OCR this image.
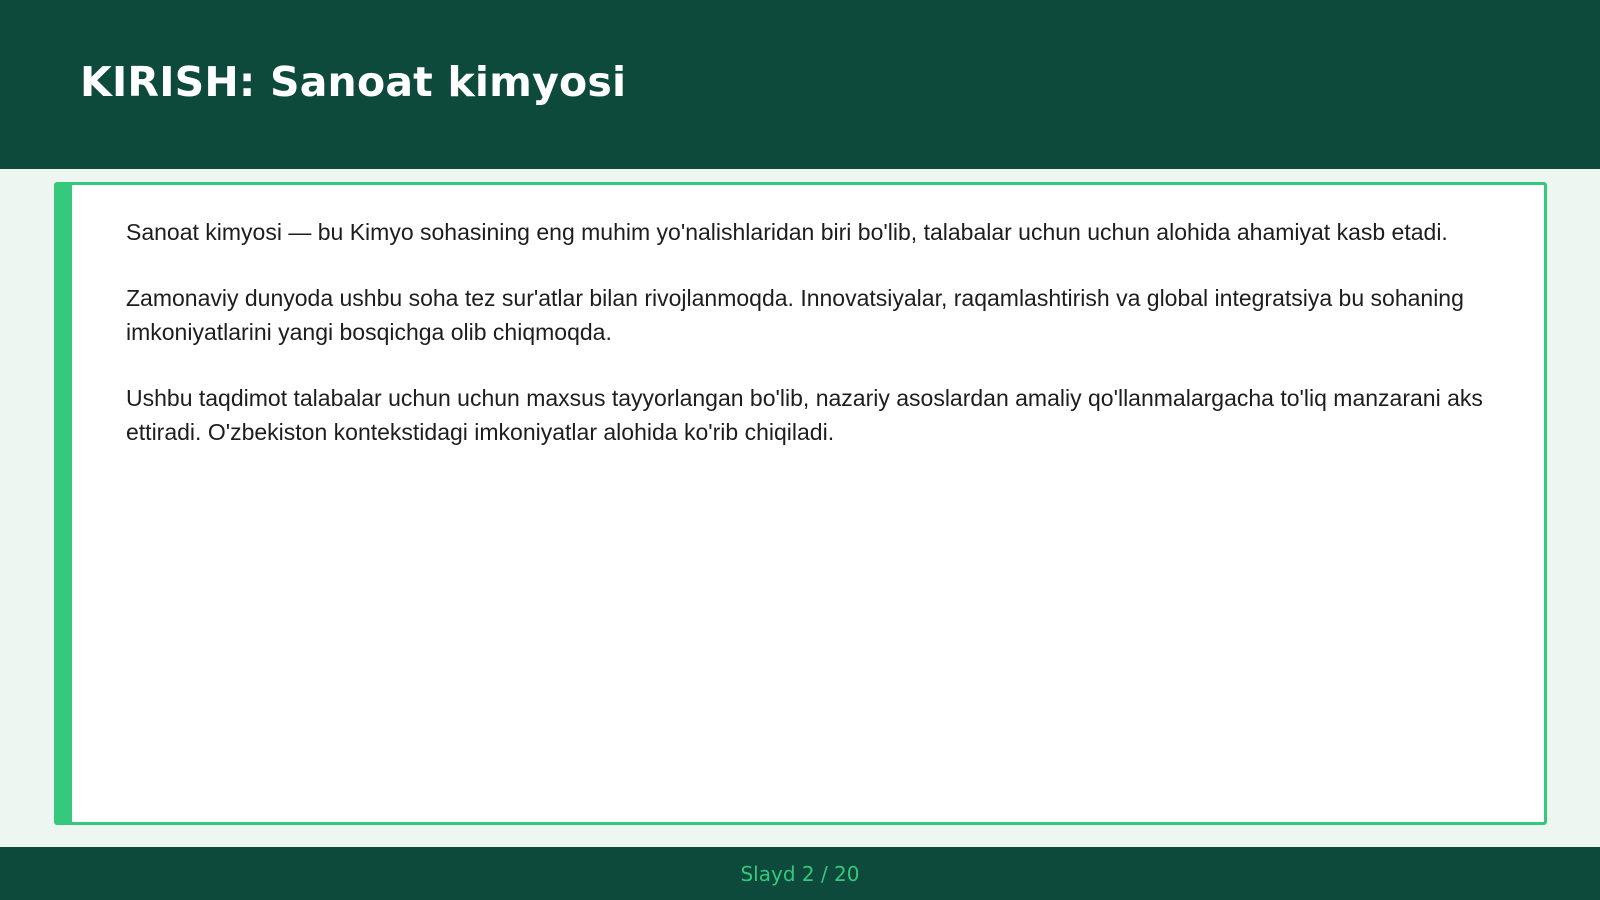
KIRISH: Sanoat kimyosi

Sanoat kimyosi — bu Kimyo sohasining eng muhim yo'nalishlaridan biri bo'lib, talabalar uchun uchun alohida ahamiyat kasb etadi.

Zamonaviy dunyoda ushbu soha tez sur'atlar bilan rivojlanmoqda. Innovatsiyalar, raqamlashtirish va global integratsiya bu sohaning imkoniyatlarini yangi bosqichga olib chiqmoqda.

Ushbu taqdimot talabalar uchun uchun maxsus tayyorlangan bo'lib, nazariy asoslardan amaliy qo'llanmalargacha to'liq manzarani aks ettiradi. O'zbekiston kontekstidagi imkoniyatlar alohida ko'rib chiqiladi.

Slayd 2 / 20
